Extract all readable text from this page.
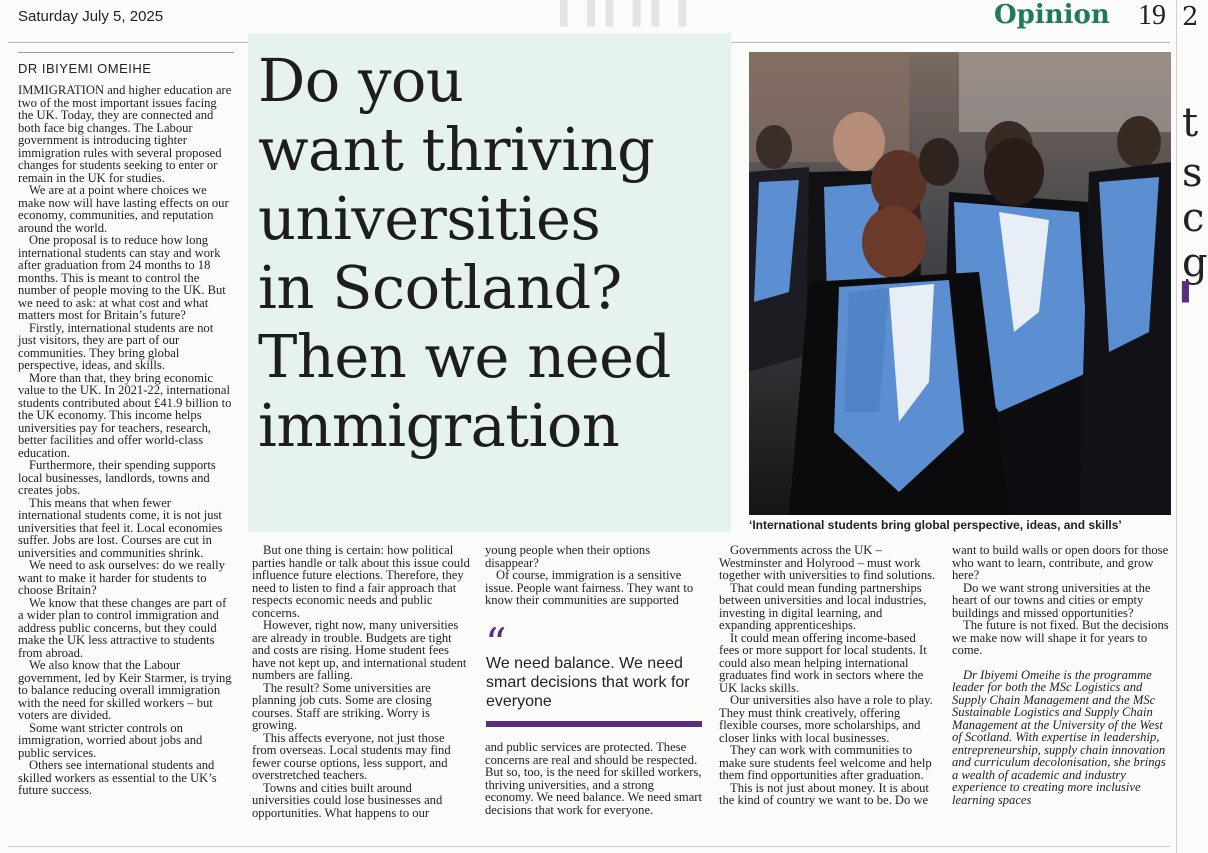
Saturday July 5, 2025	▌ ▌▌ ▌▌ ▌	Opinion 19
DR IBIYEMI OMEIHE

IMMIGRATION and higher education are two of the most important issues facing the UK. Today, they are connected and both face big changes. The Labour government is introducing tighter immigration rules with several proposed changes for students seeking to enter or remain in the UK for studies.

We are at a point where choices we make now will have lasting effects on our economy, communities, and reputation around the world.

One proposal is to reduce how long international students can stay and work after graduation from 24 months to 18 months. This is meant to control the number of people moving to the UK. But we need to ask: at what cost and what matters most for Britain’s future?

Firstly, international students are not just visitors, they are part of our communities. They bring global perspective, ideas, and skills.

More than that, they bring economic value to the UK. In 2021-22, international students contributed about £41.9 billion to the UK economy. This income helps universities pay for teachers, research, better facilities and offer world-class education.

Furthermore, their spending supports local businesses, landlords, towns and creates jobs.

This means that when fewer international students come, it is not just universities that feel it. Local economies suffer. Jobs are lost. Courses are cut in universities and communities shrink.

We need to ask ourselves: do we really want to make it harder for students to choose Britain?

We know that these changes are part of a wider plan to control immigration and address public concerns, but they could make the UK less attractive to students from abroad.

We also know that the Labour government, led by Keir Starmer, is trying to balance reducing overall immigration with the need for skilled workers – but voters are divided.

Some want stricter controls on immigration, worried about jobs and public services.

Others see international students and skilled workers as essential to the UK’s future success.

Do you
want thriving
universities
in Scotland?
Then we need
immigration
‘International students bring global perspective, ideas, and skills’

But one thing is certain: how political parties handle or talk about this issue could influence future elections. Therefore, they need to listen to find a fair approach that respects economic needs and public concerns.

However, right now, many universities are already in trouble. Budgets are tight and costs are rising. Home student fees have not kept up, and international student numbers are falling.

The result? Some universities are planning job cuts. Some are closing courses. Staff are striking. Worry is growing.

This affects everyone, not just those from overseas. Local students may find fewer course options, less support, and overstretched teachers.

Towns and cities built around universities could lose businesses and opportunities. What happens to our

young people when their options disappear?

Of course, immigration is a sensitive issue. People want fairness. They want to know their communities are supported

“
We need balance. We need smart decisions that work for everyone

and public services are protected. These concerns are real and should be respected. But so, too, is the need for skilled workers, thriving universities, and a strong economy. We need balance. We need smart decisions that work for everyone.

Governments across the UK – Westminster and Holyrood – must work together with universities to find solutions.

That could mean funding partnerships between universities and local industries, investing in digital learning, and expanding apprenticeships.

It could mean offering income-based fees or more support for local students. It could also mean helping international graduates find work in sectors where the UK lacks skills.

Our universities also have a role to play. They must think creatively, offering flexible courses, more scholarships, and closer links with local businesses.

They can work with communities to make sure students feel welcome and help them find opportunities after graduation.

This is not just about money. It is about the kind of country we want to be. Do we

want to build walls or open doors for those who want to learn, contribute, and grow here?

Do we want strong universities at the heart of our towns and cities or empty buildings and missed opportunities?

The future is not fixed. But the decisions we make now will shape it for years to come.

Dr Ibiyemi Omeihe is the programme leader for both the MSc Logistics and Supply Chain Management and the MSc Sustainable Logistics and Supply Chain Management at the University of the West of Scotland. With expertise in leadership, entrepreneurship, supply chain innovation and curriculum decolonisation, she brings a wealth of academic and industry experience to creating more inclusive learning spaces

2
t
s
c
g
▌
